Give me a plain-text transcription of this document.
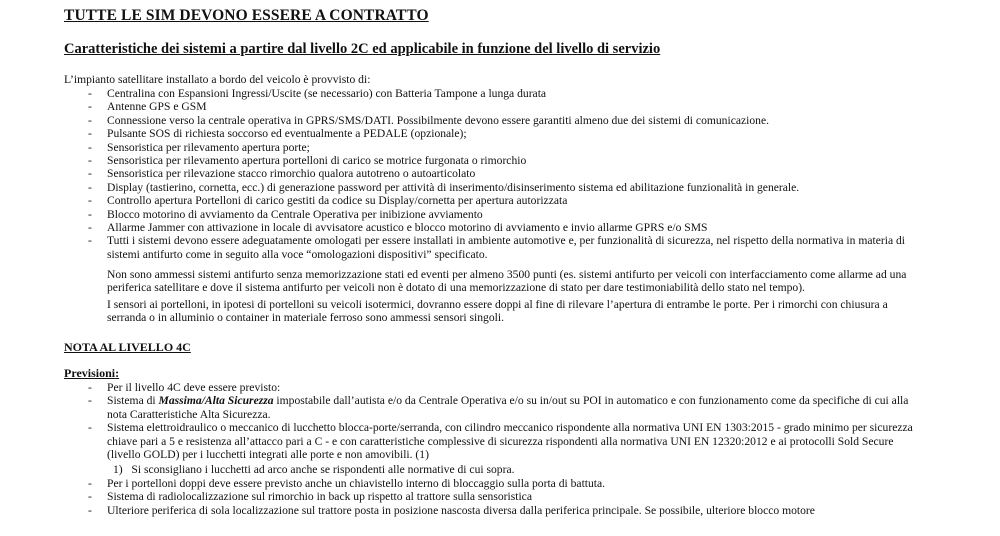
TUTTE LE SIM DEVONO ESSERE A CONTRATTO
Caratteristiche dei sistemi a partire dal livello 2C ed applicabile in funzione del livello di servizio
L’impianto satellitare installato a bordo del veicolo è provvisto di:
- Centralina con Espansioni Ingressi/Uscite (se necessario) con Batteria Tampone a lunga durata
- Antenne GPS e GSM
- Connessione verso la centrale operativa in GPRS/SMS/DATI. Possibilmente devono essere garantiti almeno due dei sistemi di comunicazione.
- Pulsante SOS di richiesta soccorso ed eventualmente a PEDALE (opzionale);
- Sensoristica per rilevamento apertura porte;
- Sensoristica per rilevamento apertura portelloni di carico se motrice furgonata o rimorchio
- Sensoristica per rilevazione stacco rimorchio qualora autotreno o autoarticolato
- Display (tastierino, cornetta, ecc.) di generazione password per attività di inserimento/disinserimento sistema ed abilitazione funzionalità in generale.
- Controllo apertura Portelloni di carico gestiti da codice su Display/cornetta per apertura autorizzata
- Blocco motorino di avviamento da Centrale Operativa per inibizione avviamento
- Allarme Jammer con attivazione in locale di avvisatore acustico e blocco motorino di avviamento e invio allarme GPRS e/o SMS
- Tutti i sistemi devono essere adeguatamente omologati per essere installati in ambiente automotive e, per funzionalità di sicurezza, nel rispetto della normativa in materia di sistemi antifurto come in seguito alla voce “omologazioni dispositivi” specificato.

Non sono ammessi sistemi antifurto senza memorizzazione stati ed eventi per almeno 3500 punti (es. sistemi antifurto per veicoli con interfacciamento come allarme ad una periferica satellitare e dove il sistema antifurto per veicoli non è dotato di una memorizzazione di stato per dare testimoniabilità dello stato nel tempo).

I sensori ai portelloni, in ipotesi di portelloni su veicoli isotermici, dovranno essere doppi al fine di rilevare l’apertura di entrambe le porte. Per i rimorchi con chiusura a serranda o in alluminio o container in materiale ferroso sono ammessi sensori singoli.

NOTA AL LIVELLO 4C
Previsioni:
- Per il livello 4C deve essere previsto:
- Sistema di Massima/Alta Sicurezza impostabile dall’autista e/o da Centrale Operativa e/o su in/out su POI in automatico e con funzionamento come da specifiche di cui alla nota Caratteristiche Alta Sicurezza.
- Sistema elettroidraulico o meccanico di lucchetto blocca-porte/serranda, con cilindro meccanico rispondente alla normativa UNI EN 1303:2015 - grado minimo per sicurezza chiave pari a 5 e resistenza all’attacco pari a C - e con caratteristiche complessive di sicurezza rispondenti alla normativa UNI EN 12320:2012 e ai protocolli Sold Secure (livello GOLD) per i lucchetti integrati alle porte e non amovibili. (1)
1) Si sconsigliano i lucchetti ad arco anche se rispondenti alle normative di cui sopra.
- Per i portelloni doppi deve essere previsto anche un chiavistello interno di bloccaggio sulla porta di battuta.
- Sistema di radiolocalizzazione sul rimorchio in back up rispetto al trattore sulla sensoristica
- Ulteriore periferica di sola localizzazione sul trattore posta in posizione nascosta diversa dalla periferica principale. Se possibile, ulteriore blocco motore
